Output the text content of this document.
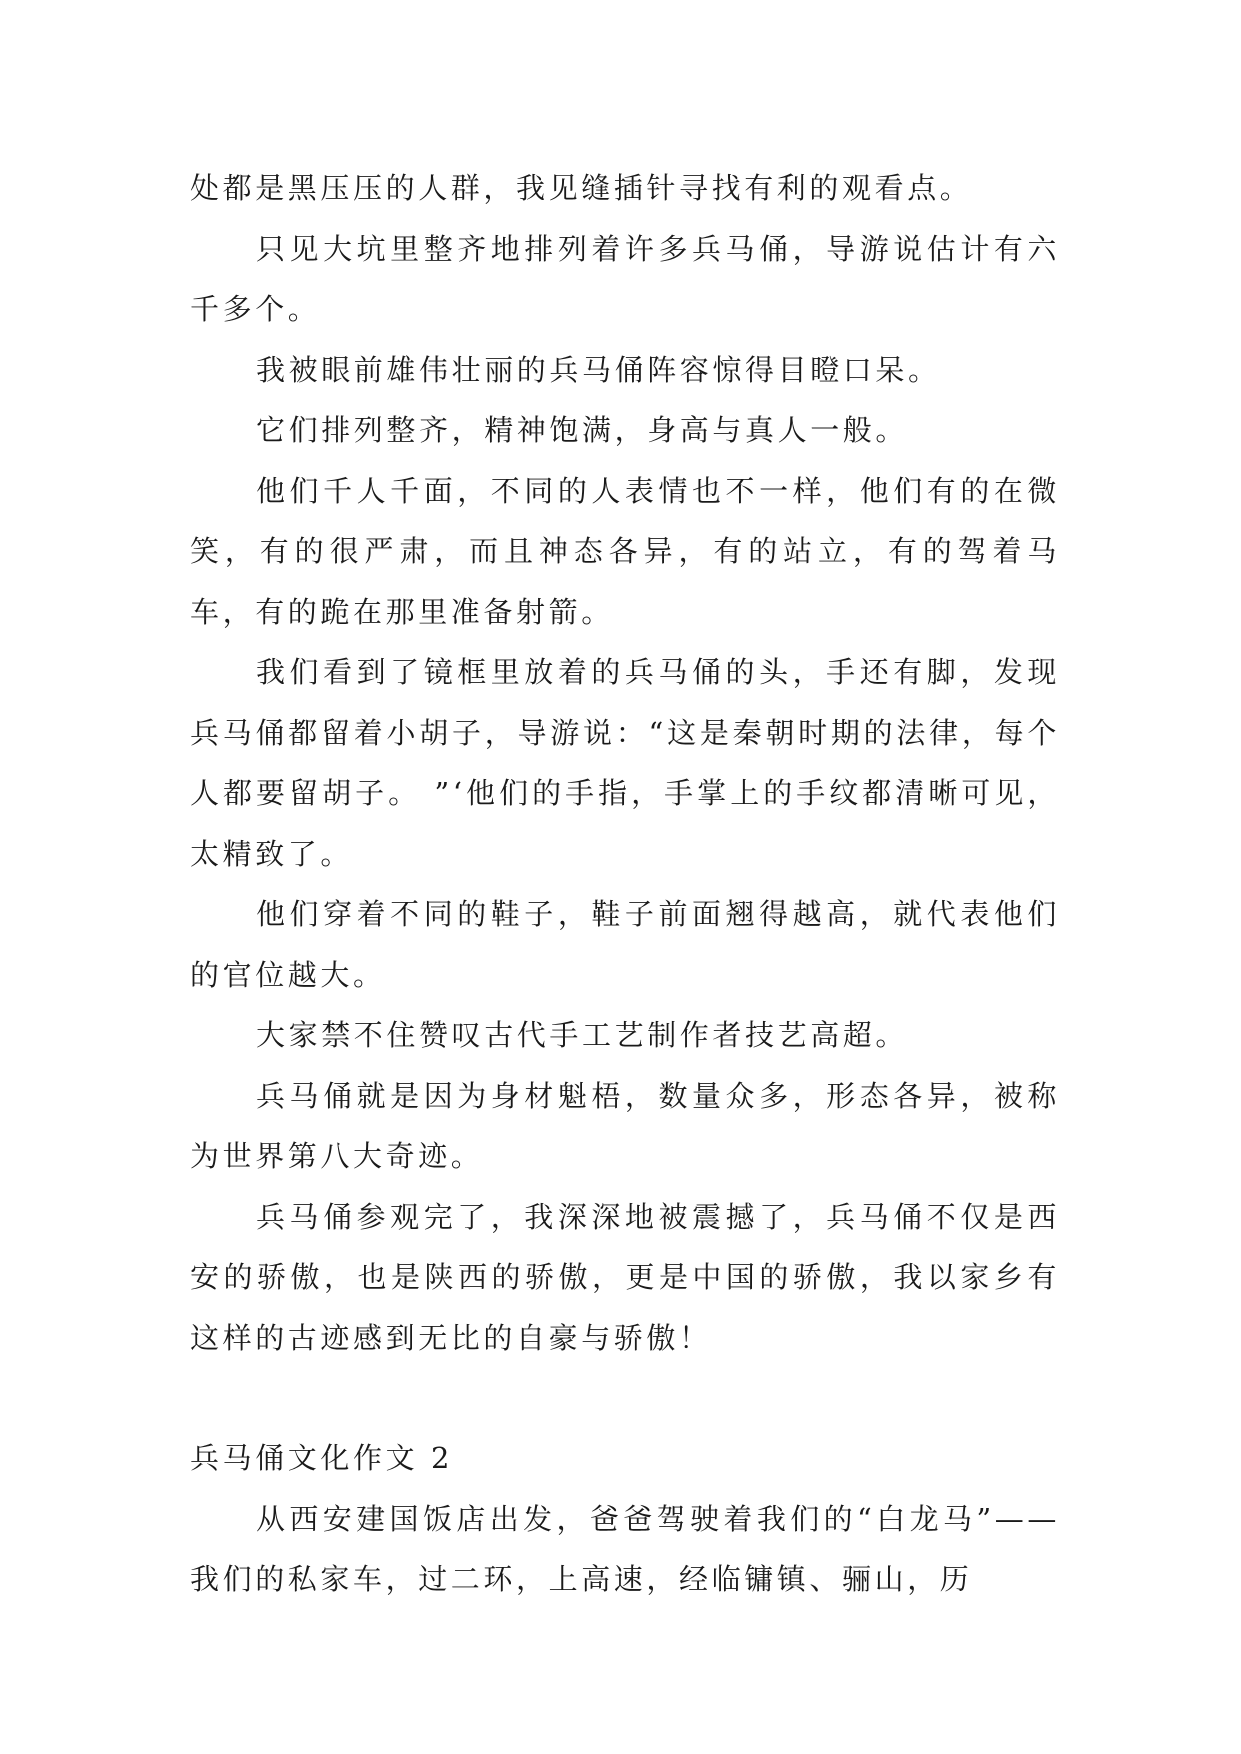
处都是黑压压的人群，我见缝插针寻找有利的观看点。

只见大坑里整齐地排列着许多兵马俑，导游说估计有六千多个。

我被眼前雄伟壮丽的兵马俑阵容惊得目瞪口呆。

它们排列整齐，精神饱满，身高与真人一般。

他们千人千面，不同的人表情也不一样，他们有的在微笑，有的很严肃，而且神态各异，有的站立，有的驾着马车，有的跪在那里准备射箭。

我们看到了镜框里放着的兵马俑的头，手还有脚，发现兵马俑都留着小胡子，导游说：“这是秦朝时期的法律，每个人都要留胡子。 ”‘他们的手指，手掌上的手纹都清晰可见，太精致了。

他们穿着不同的鞋子，鞋子前面翘得越高，就代表他们的官位越大。

大家禁不住赞叹古代手工艺制作者技艺高超。

兵马俑就是因为身材魁梧，数量众多，形态各异，被称为世界第八大奇迹。

兵马俑参观完了，我深深地被震撼了，兵马俑不仅是西安的骄傲，也是陕西的骄傲，更是中国的骄傲，我以家乡有这样的古迹感到无比的自豪与骄傲！

兵马俑文化作文 2

从西安建国饭店出发，爸爸驾驶着我们的“白龙马”——我们的私家车，过二环，上高速，经临镛镇、骊山，历
